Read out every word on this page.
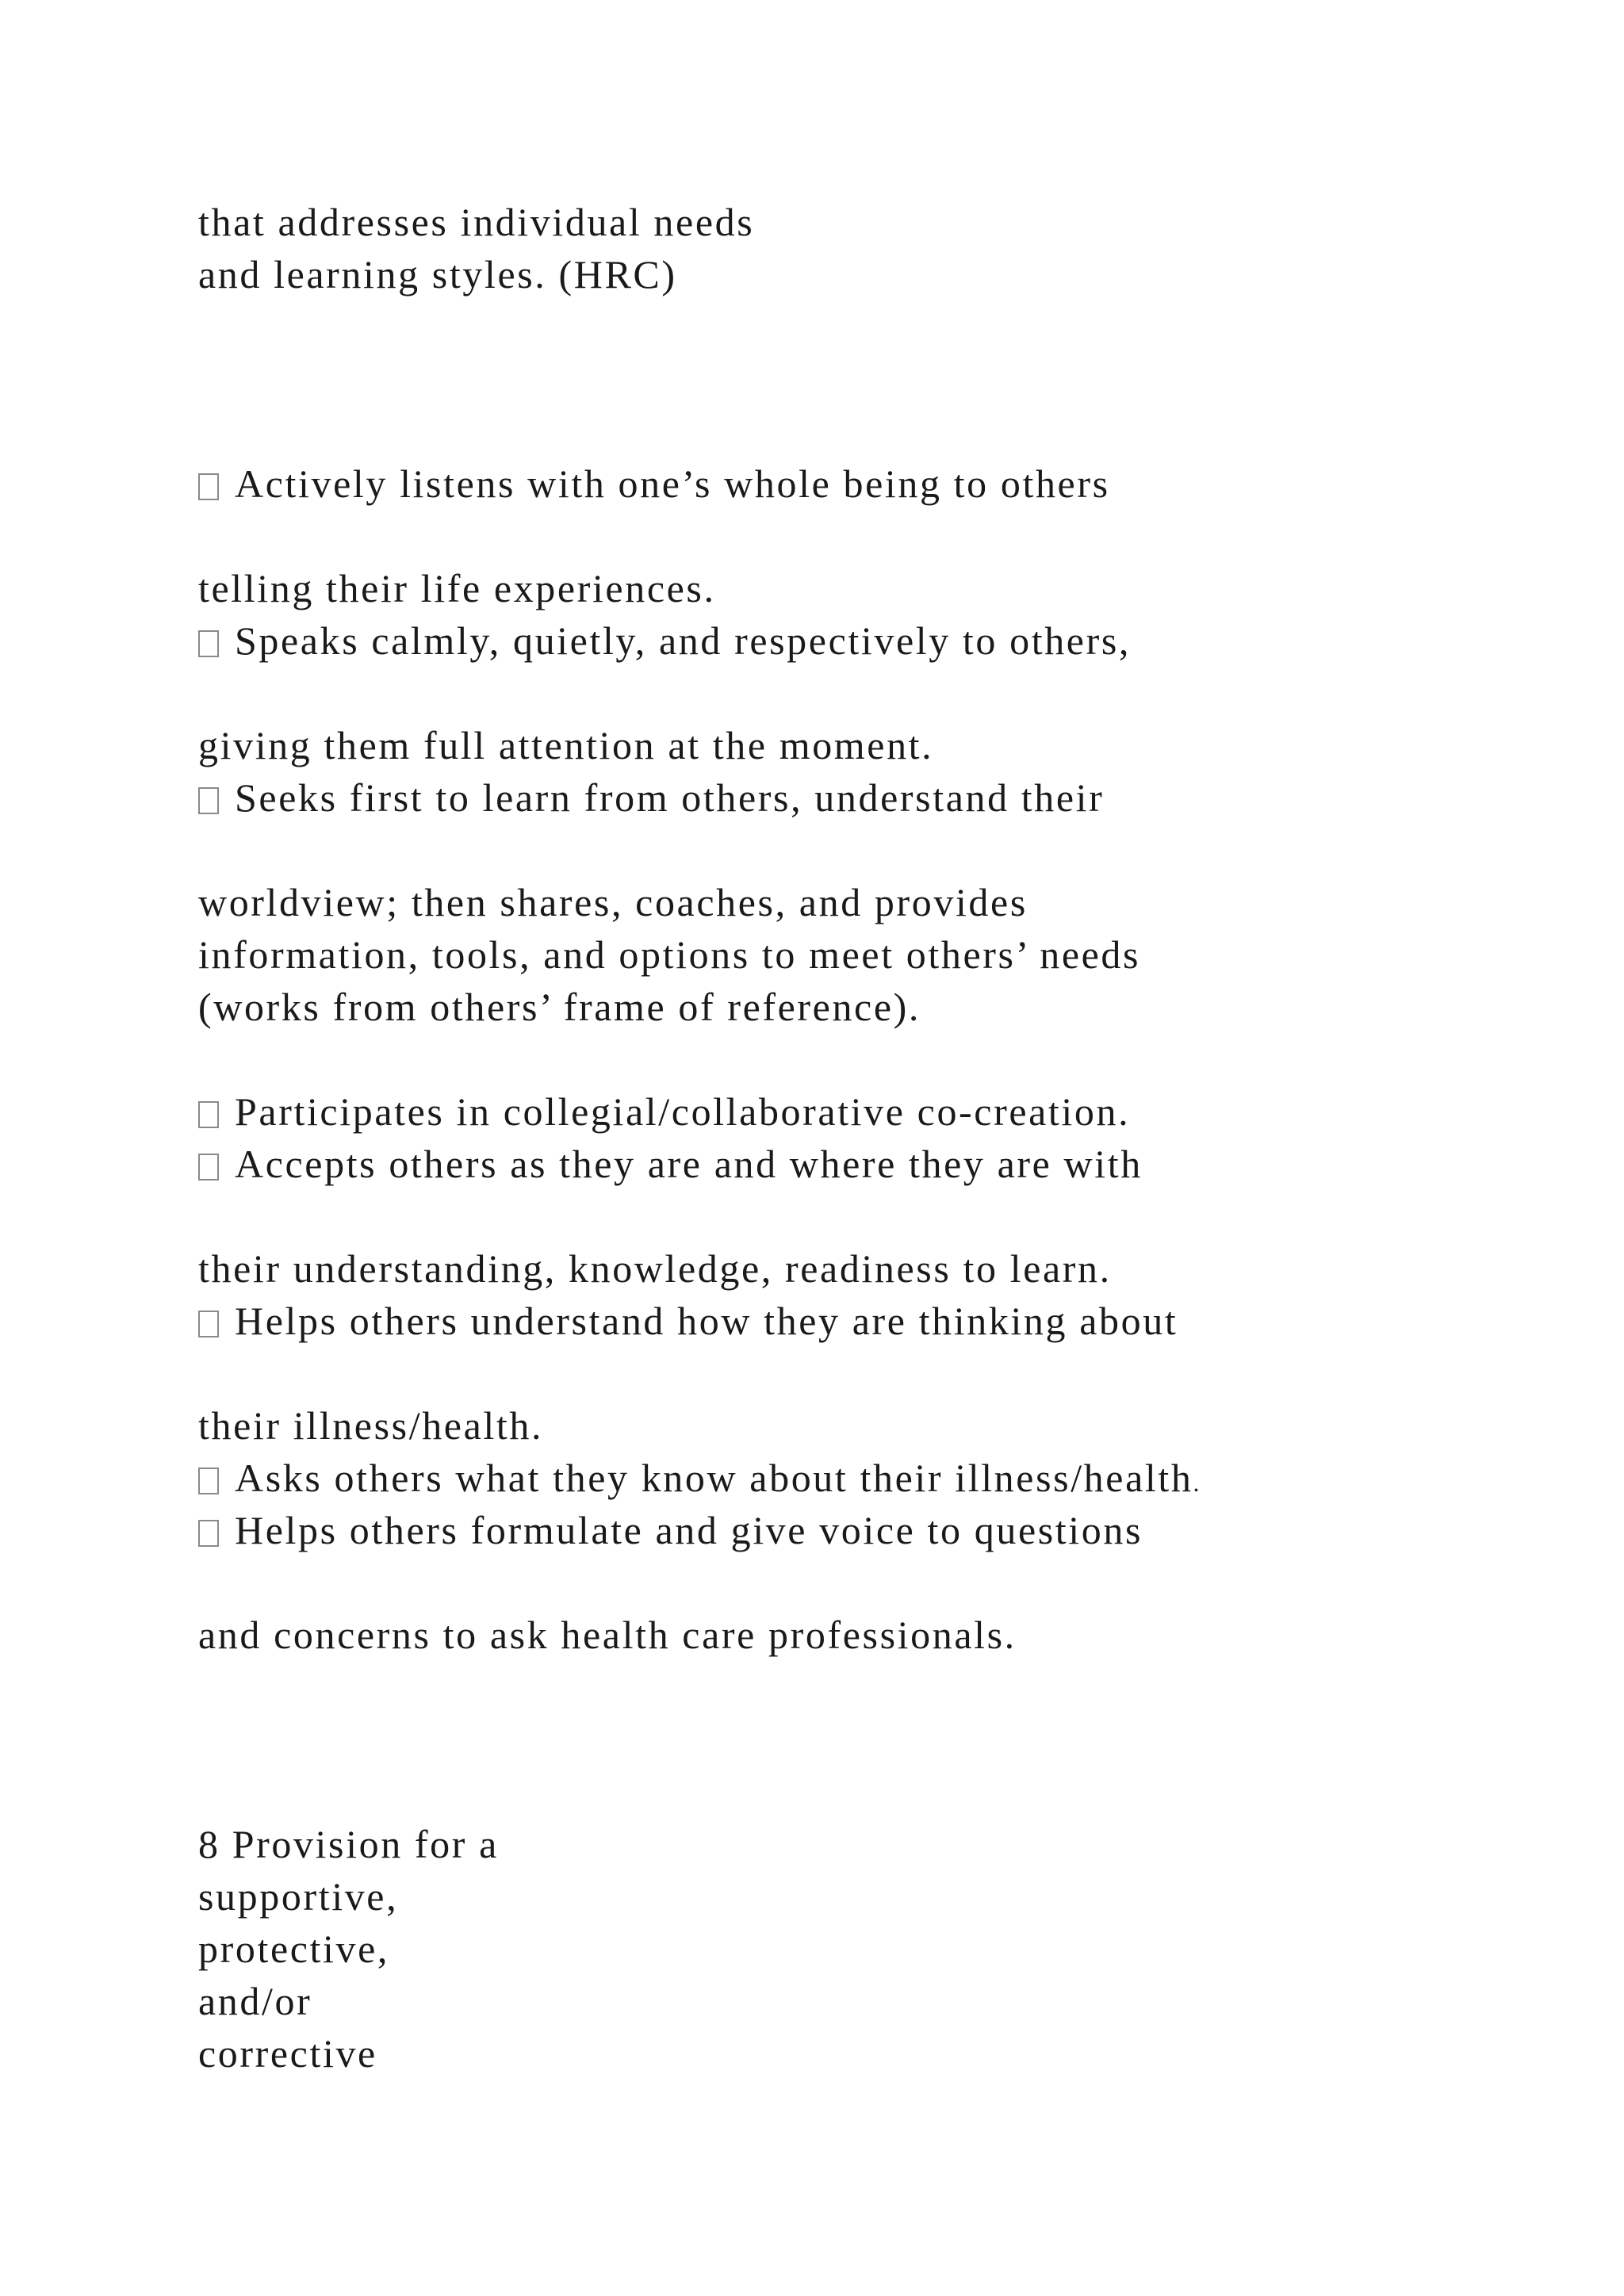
that addresses individual needs
and learning styles. (HRC)
Actively listens with one’s whole being to others
telling their life experiences.
Speaks calmly, quietly, and respectively to others,
giving them full attention at the moment.
Seeks first to learn from others, understand their
worldview; then shares, coaches, and provides
information, tools, and options to meet others’ needs
(works from others’ frame of reference).
Participates in collegial/collaborative co-creation.
Accepts others as they are and where they are with
their understanding, knowledge, readiness to learn.
Helps others understand how they are thinking about
their illness/health.
Asks others what they know about their illness/health.
Helps others formulate and give voice to questions
and concerns to ask health care professionals.
8 Provision for a
supportive,
protective,
and/or
corrective
